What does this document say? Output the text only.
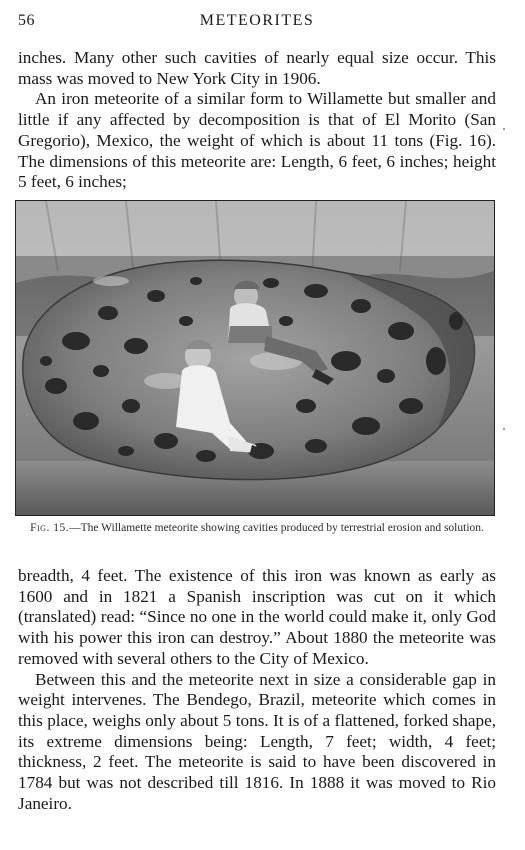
56	METEORITES

inches. Many other such cavities of nearly equal size occur. This mass was moved to New York City in 1906.

An iron meteorite of a similar form to Willamette but smaller and little if any affected by decomposition is that of El Morito (San Gregorio), Mexico, the weight of which is about 11 tons (Fig. 16). The dimensions of this meteorite are: Length, 6 feet, 6 inches; height 5 feet, 6 inches;

Fig. 15.—The Willamette meteorite showing cavities produced by terrestrial erosion and solution.

breadth, 4 feet. The existence of this iron was known as early as 1600 and in 1821 a Spanish inscription was cut on it which (translated) read: “Since no one in the world could make it, only God with his power this iron can destroy.” About 1880 the meteorite was removed with several others to the City of Mexico.

Between this and the meteorite next in size a considerable gap in weight intervenes. The Bendego, Brazil, meteorite which comes in this place, weighs only about 5 tons. It is of a flattened, forked shape, its extreme dimensions being: Length, 7 feet; width, 4 feet; thickness, 2 feet. The meteorite is said to have been discovered in 1784 but was not described till 1816. In 1888 it was moved to Rio Janeiro.
